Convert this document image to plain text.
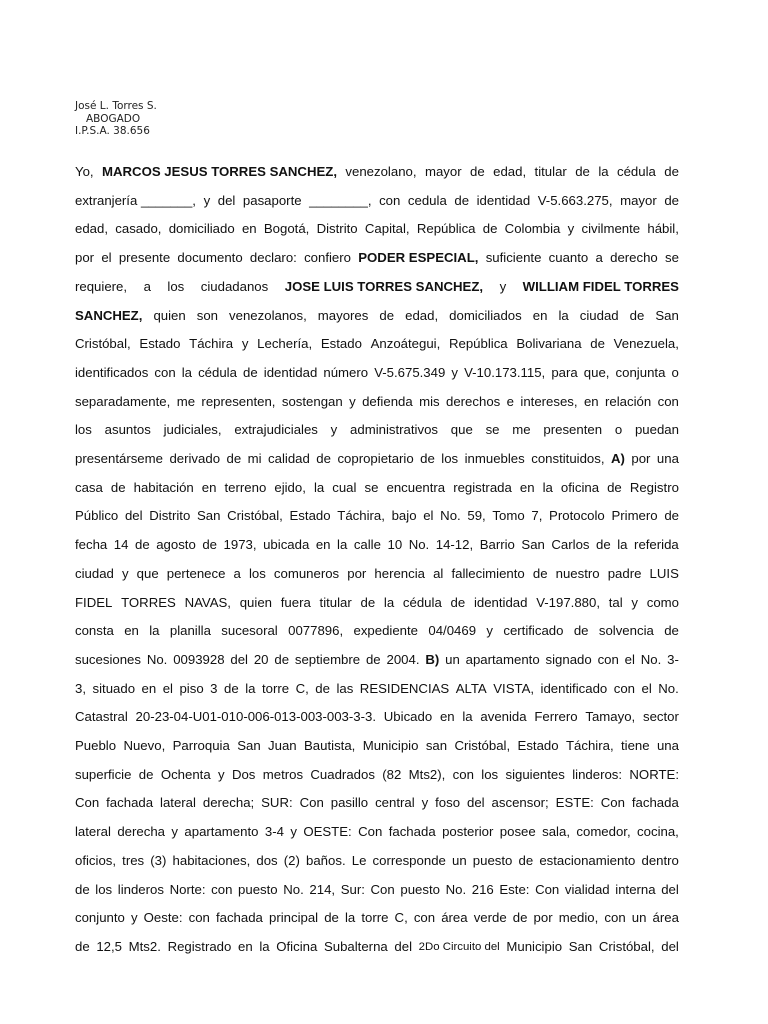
José L. Torres S.
ABOGADO
I.P.S.A. 38.656
Yo, MARCOS JESUS TORRES SANCHEZ, venezolano, mayor de edad, titular de la cédula de
extranjería _______, y del pasaporte ________, con cedula de identidad V-5.663.275, mayor de
edad, casado, domiciliado en Bogotá, Distrito Capital, República de Colombia y civilmente hábil,
por el presente documento declaro: confiero PODER ESPECIAL, suficiente cuanto a derecho se
requiere, a los ciudadanos JOSE LUIS TORRES SANCHEZ, y WILLIAM FIDEL TORRES
SANCHEZ, quien son venezolanos, mayores de edad, domiciliados en la ciudad de San
Cristóbal, Estado Táchira y Lechería, Estado Anzoátegui, República Bolivariana de Venezuela,
identificados con la cédula de identidad número V-5.675.349 y V-10.173.115, para que, conjunta o
separadamente, me representen, sostengan y defienda mis derechos e intereses, en relación con
los asuntos judiciales, extrajudiciales y administrativos que se me presenten o puedan
presentárseme derivado de mi calidad de copropietario de los inmuebles constituidos, A) por una
casa de habitación en terreno ejido, la cual se encuentra registrada en la oficina de Registro
Público del Distrito San Cristóbal, Estado Táchira, bajo el No. 59, Tomo 7, Protocolo Primero de
fecha 14 de agosto de 1973, ubicada en la calle 10 No. 14-12, Barrio San Carlos de la referida
ciudad y que pertenece a los comuneros por herencia al fallecimiento de nuestro padre LUIS
FIDEL TORRES NAVAS, quien fuera titular de la cédula de identidad V-197.880, tal y como
consta en la planilla sucesoral 0077896, expediente 04/0469 y certificado de solvencia de
sucesiones No. 0093928 del 20 de septiembre de 2004. B) un apartamento signado con el No. 3-
3, situado en el piso 3 de la torre C, de las RESIDENCIAS ALTA VISTA, identificado con el No.
Catastral 20-23-04-U01-010-006-013-003-003-3-3. Ubicado en la avenida Ferrero Tamayo, sector
Pueblo Nuevo, Parroquia San Juan Bautista, Municipio san Cristóbal, Estado Táchira, tiene una
superficie de Ochenta y Dos metros Cuadrados (82 Mts2), con los siguientes linderos: NORTE:
Con fachada lateral derecha; SUR: Con pasillo central y foso del ascensor; ESTE: Con fachada
lateral derecha y apartamento 3-4 y OESTE: Con fachada posterior posee sala, comedor, cocina,
oficios, tres (3) habitaciones, dos (2) baños. Le corresponde un puesto de estacionamiento dentro
de los linderos Norte: con puesto No. 214, Sur: Con puesto No. 216 Este: Con vialidad interna del
conjunto y Oeste: con fachada principal de la torre C, con área verde de por medio, con un área
de 12,5 Mts2. Registrado en la Oficina Subalterna del 2Do Circuito del Municipio San Cristóbal, del
